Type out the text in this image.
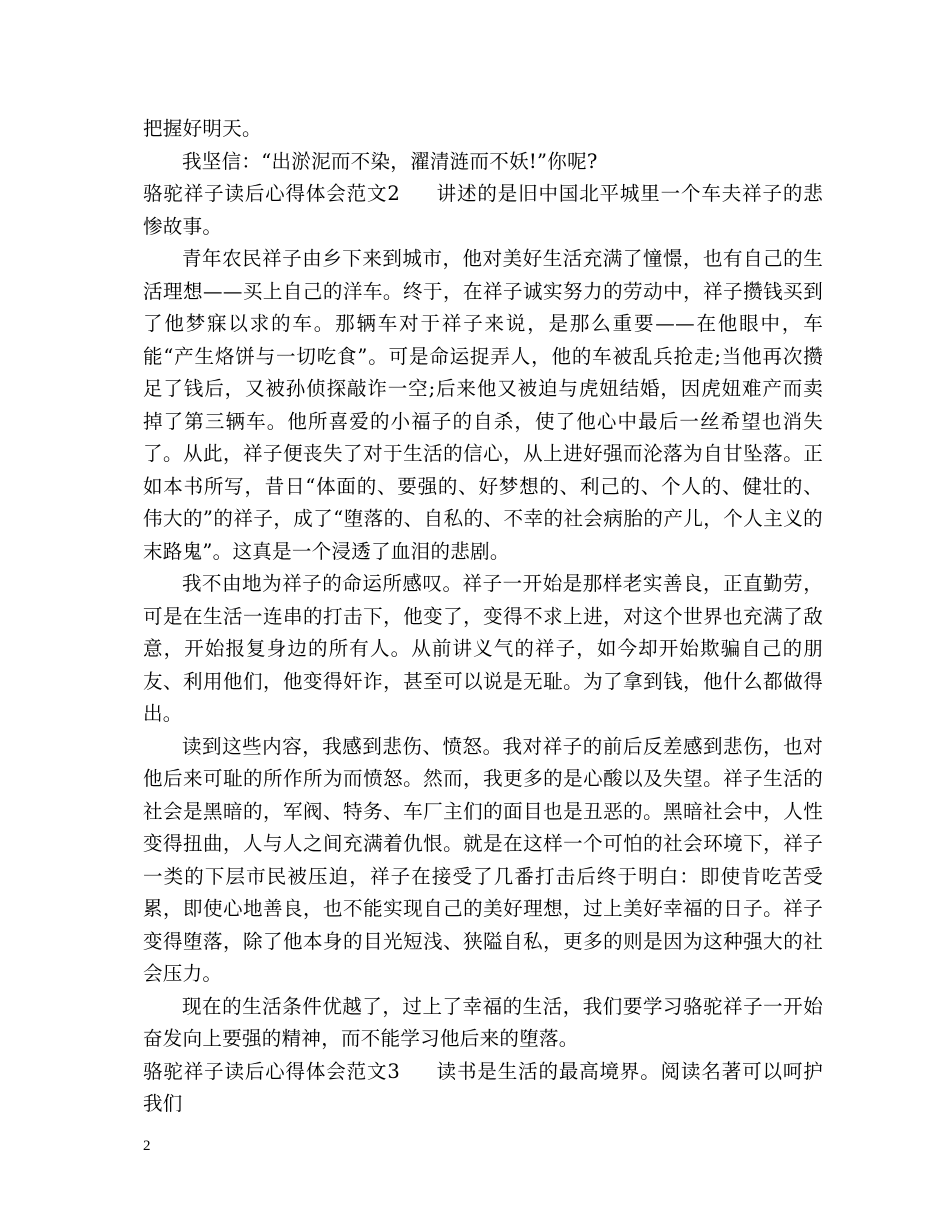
把握好明天。

我坚信：“出淤泥而不染，濯清涟而不妖!”你呢?

骆驼祥子读后心得体会范文2 讲述的是旧中国北平城里一个车夫祥子的悲惨故事。

青年农民祥子由乡下来到城市，他对美好生活充满了憧憬，也有自己的生活理想——买上自己的洋车。终于，在祥子诚实努力的劳动中，祥子攒钱买到了他梦寐以求的车。那辆车对于祥子来说，是那么重要——在他眼中，车能“产生烙饼与一切吃食”。可是命运捉弄人，他的车被乱兵抢走;当他再次攒足了钱后，又被孙侦探敲诈一空;后来他又被迫与虎妞结婚，因虎妞难产而卖掉了第三辆车。他所喜爱的小福子的自杀，使了他心中最后一丝希望也消失了。从此，祥子便丧失了对于生活的信心，从上进好强而沦落为自甘坠落。正如本书所写，昔日“体面的、要强的、好梦想的、利己的、个人的、健壮的、伟大的”的祥子，成了“堕落的、自私的、不幸的社会病胎的产儿，个人主义的末路鬼”。这真是一个浸透了血泪的悲剧。

我不由地为祥子的命运所感叹。祥子一开始是那样老实善良，正直勤劳，可是在生活一连串的打击下，他变了，变得不求上进，对这个世界也充满了敌意，开始报复身边的所有人。从前讲义气的祥子，如今却开始欺骗自己的朋友、利用他们，他变得奸诈，甚至可以说是无耻。为了拿到钱，他什么都做得出。

读到这些内容，我感到悲伤、愤怒。我对祥子的前后反差感到悲伤，也对他后来可耻的所作所为而愤怒。然而，我更多的是心酸以及失望。祥子生活的社会是黑暗的，军阀、特务、车厂主们的面目也是丑恶的。黑暗社会中，人性变得扭曲，人与人之间充满着仇恨。就是在这样一个可怕的社会环境下，祥子一类的下层市民被压迫，祥子在接受了几番打击后终于明白：即使肯吃苦受累，即使心地善良，也不能实现自己的美好理想，过上美好幸福的日子。祥子变得堕落，除了他本身的目光短浅、狭隘自私，更多的则是因为这种强大的社会压力。

现在的生活条件优越了，过上了幸福的生活，我们要学习骆驼祥子一开始奋发向上要强的精神，而不能学习他后来的堕落。

骆驼祥子读后心得体会范文3 读书是生活的最高境界。阅读名著可以呵护我们

2
